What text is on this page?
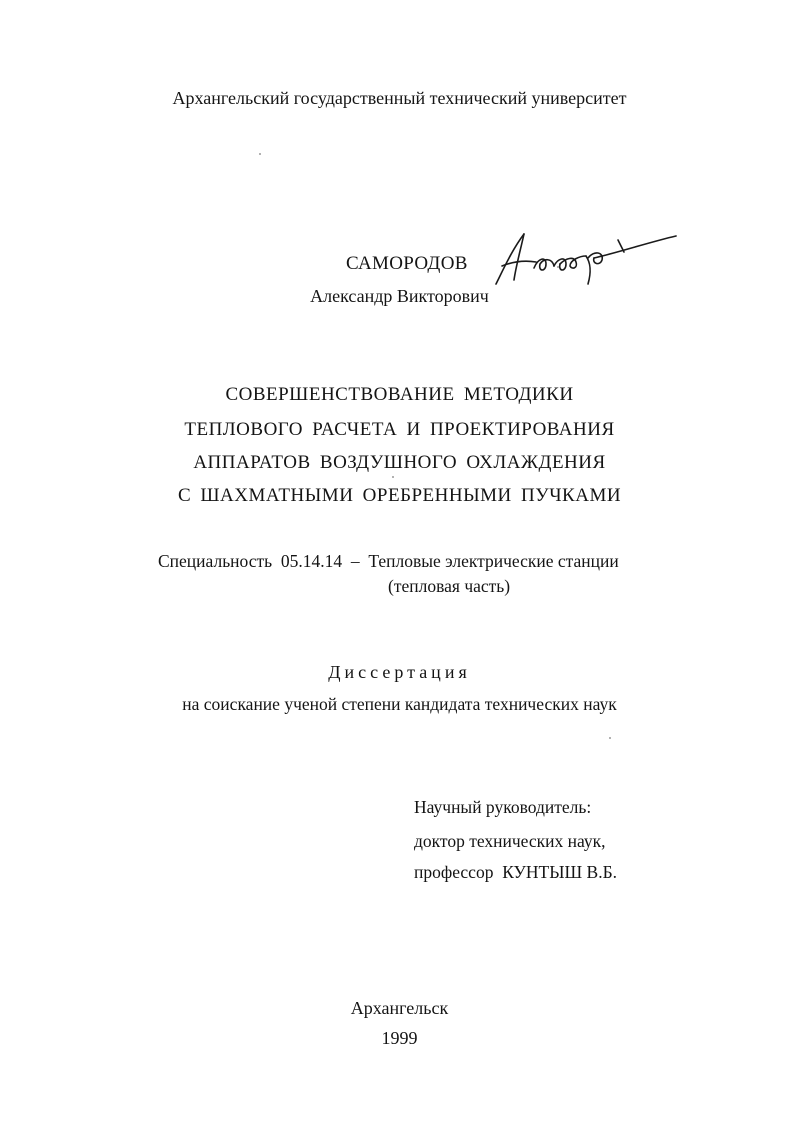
Архангельский государственный технический университет
САМОРОДОВ
Александр Викторович
СОВЕРШЕНСТВОВАНИЕ МЕТОДИКИ
ТЕПЛОВОГО РАСЧЕТА И ПРОЕКТИРОВАНИЯ
АППАРАТОВ ВОЗДУШНОГО ОХЛАЖДЕНИЯ
С ШАХМАТНЫМИ ОРЕБРЕННЫМИ ПУЧКАМИ
Специальность  05.14.14  –  Тепловые электрические станции
(тепловая часть)
Диссертация
на соискание ученой степени кандидата технических наук
Научный руководитель:
доктор технических наук,
профессор  КУНТЫШ В.Б.
Архангельск
1999
